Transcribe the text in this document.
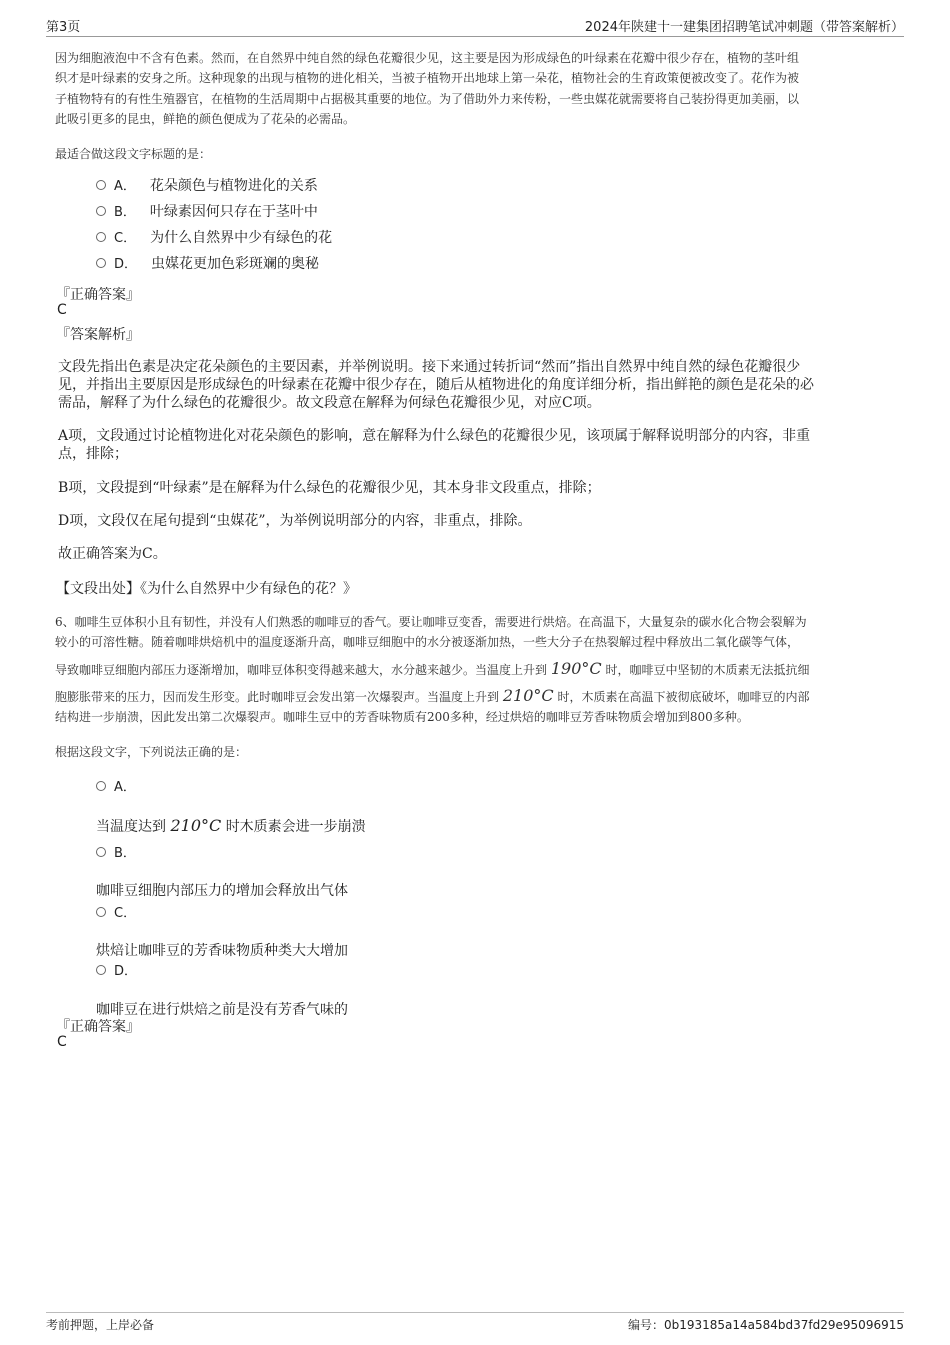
第3页	2024年陕建十一建集团招聘笔试冲刺题（带答案解析）
因为细胞液泡中不含有色素。然而，在自然界中纯自然的绿色花瓣很少见，这主要是因为形成绿色的叶绿素在花瓣中很少存在，植物的茎叶组
织才是叶绿素的安身之所。这种现象的出现与植物的进化相关，当被子植物开出地球上第一朵花，植物社会的生育政策便被改变了。花作为被
子植物特有的有性生殖器官，在植物的生活周期中占据极其重要的地位。为了借助外力来传粉，一些虫媒花就需要将自己装扮得更加美丽，以
此吸引更多的昆虫，鲜艳的颜色便成为了花朵的必需品。
最适合做这段文字标题的是：
A． 花朵颜色与植物进化的关系
B． 叶绿素因何只存在于茎叶中
C． 为什么自然界中少有绿色的花
D． 虫媒花更加色彩斑斓的奥秘
『正确答案』
C
『答案解析』
文段先指出色素是决定花朵颜色的主要因素，并举例说明。接下来通过转折词“然而”指出自然界中纯自然的绿色花瓣很少
见，并指出主要原因是形成绿色的叶绿素在花瓣中很少存在，随后从植物进化的角度详细分析，指出鲜艳的颜色是花朵的必
需品，解释了为什么绿色的花瓣很少。故文段意在解释为何绿色花瓣很少见，对应C项。
A项，文段通过讨论植物进化对花朵颜色的影响，意在解释为什么绿色的花瓣很少见，该项属于解释说明部分的内容，非重
点，排除；
B项，文段提到“叶绿素”是在解释为什么绿色的花瓣很少见，其本身非文段重点，排除；
D项，文段仅在尾句提到“虫媒花”，为举例说明部分的内容，非重点，排除。
故正确答案为C。
【文段出处】《为什么自然界中少有绿色的花？》
6、咖啡生豆体积小且有韧性，并没有人们熟悉的咖啡豆的香气。要让咖啡豆变香，需要进行烘焙。在高温下，大量复杂的碳水化合物会裂解为
较小的可溶性糖。随着咖啡烘焙机中的温度逐渐升高，咖啡豆细胞中的水分被逐渐加热，一些大分子在热裂解过程中释放出二氧化碳等气体，
导致咖啡豆细胞内部压力逐渐增加，咖啡豆体积变得越来越大，水分越来越少。当温度上升到 190°C 时，咖啡豆中坚韧的木质素无法抵抗细
胞膨胀带来的压力，因而发生形变。此时咖啡豆会发出第一次爆裂声。当温度上升到 210°C 时，木质素在高温下被彻底破坏，咖啡豆的内部
结构进一步崩溃，因此发出第二次爆裂声。咖啡生豆中的芳香味物质有200多种，经过烘焙的咖啡豆芳香味物质会增加到800多种。
根据这段文字，下列说法正确的是：
A．
当温度达到 210°C 时木质素会进一步崩溃
B．
咖啡豆细胞内部压力的增加会释放出气体
C．
烘焙让咖啡豆的芳香味物质种类大大增加
D．
咖啡豆在进行烘焙之前是没有芳香气味的
『正确答案』
C
考前押题，上岸必备	编号：0b193185a14a584bd37fd29e95096915
